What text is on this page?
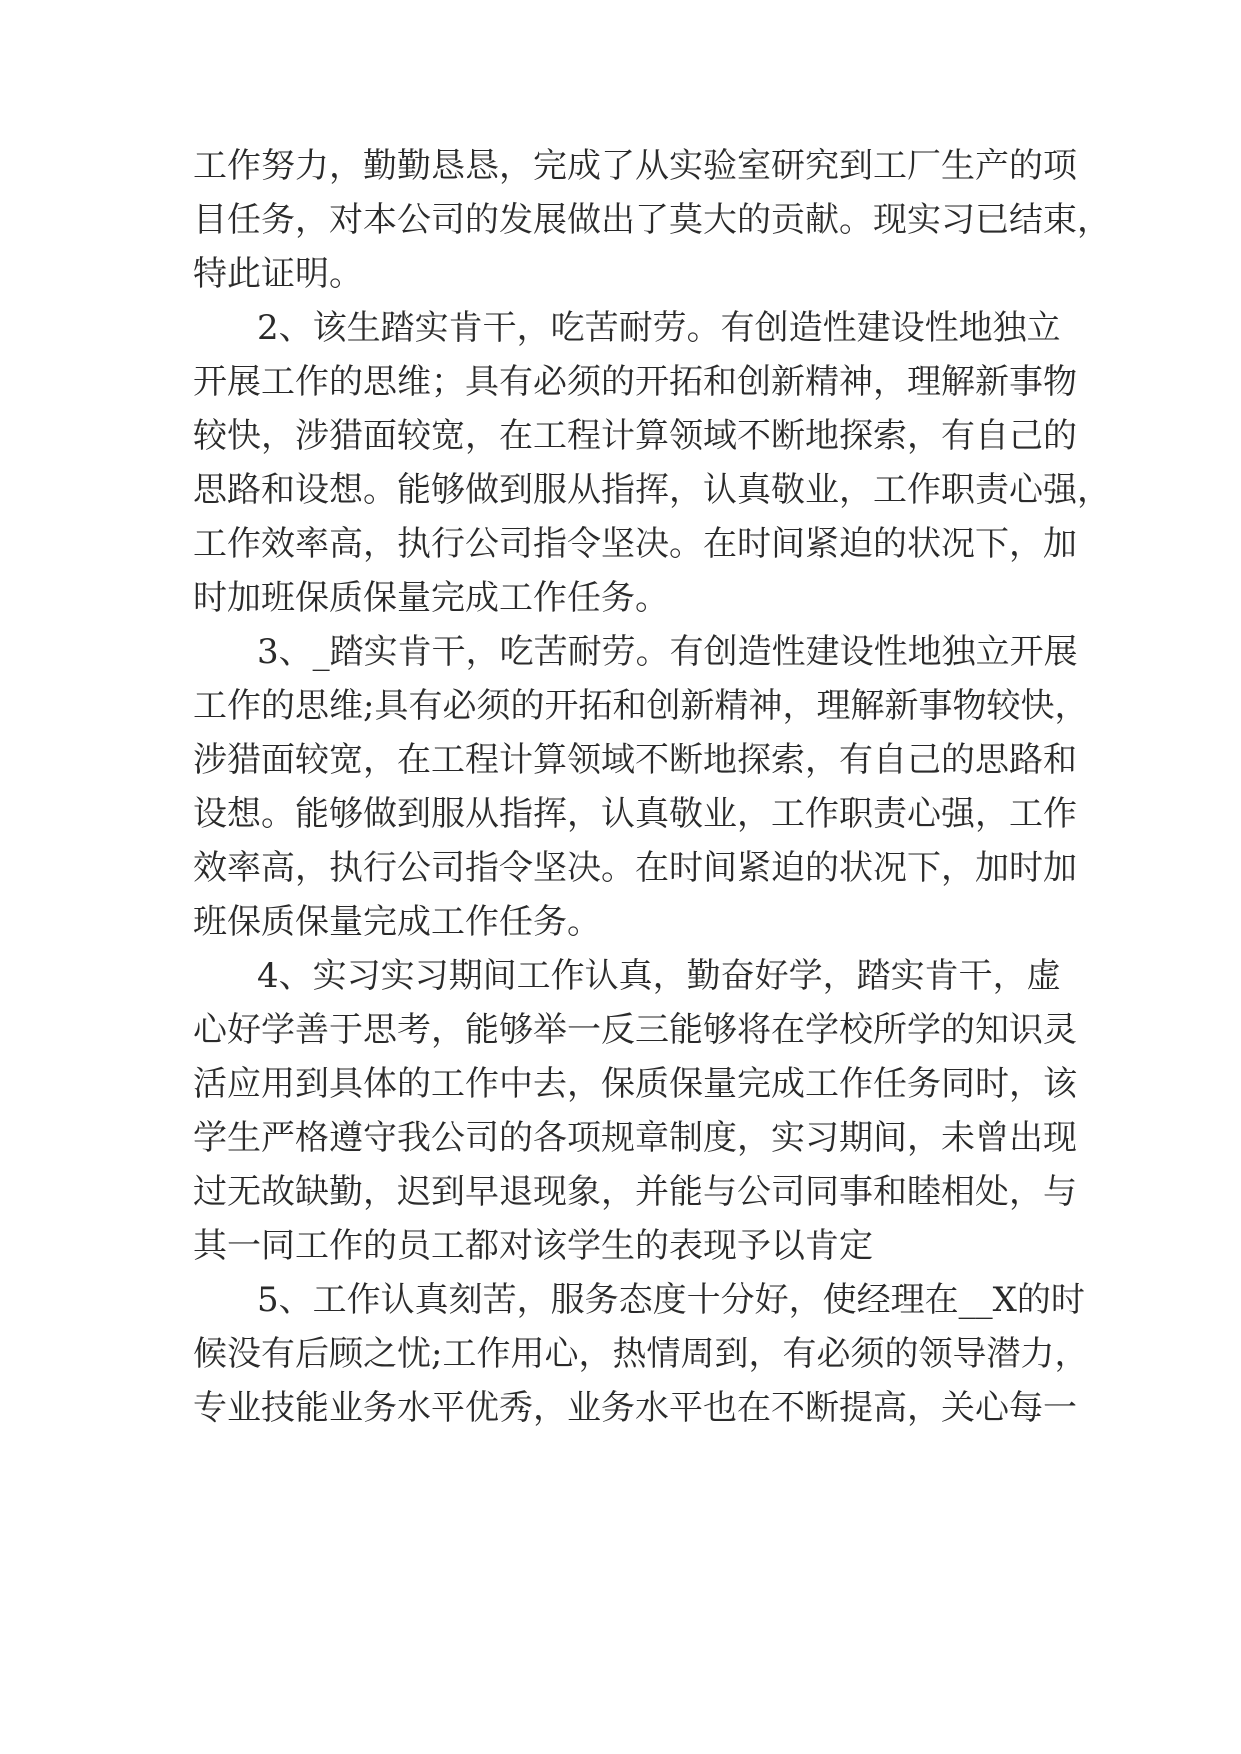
工作努力，勤勤恳恳，完成了从实验室研究到工厂生产的项
目任务，对本公司的发展做出了莫大的贡献。现实习已结束，
特此证明。
2、该生踏实肯干，吃苦耐劳。有创造性建设性地独立
开展工作的思维；具有必须的开拓和创新精神，理解新事物
较快，涉猎面较宽，在工程计算领域不断地探索，有自己的
思路和设想。能够做到服从指挥，认真敬业，工作职责心强，
工作效率高，执行公司指令坚决。在时间紧迫的状况下，加
时加班保质保量完成工作任务。
3、_踏实肯干，吃苦耐劳。有创造性建设性地独立开展
工作的思维;具有必须的开拓和创新精神，理解新事物较快，
涉猎面较宽，在工程计算领域不断地探索，有自己的思路和
设想。能够做到服从指挥，认真敬业，工作职责心强，工作
效率高，执行公司指令坚决。在时间紧迫的状况下，加时加
班保质保量完成工作任务。
4、实习实习期间工作认真，勤奋好学，踏实肯干，虚
心好学善于思考，能够举一反三能够将在学校所学的知识灵
活应用到具体的工作中去，保质保量完成工作任务同时，该
学生严格遵守我公司的各项规章制度，实习期间，未曾出现
过无故缺勤，迟到早退现象，并能与公司同事和睦相处，与
其一同工作的员工都对该学生的表现予以肯定
5、工作认真刻苦，服务态度十分好，使经理在__X的时
候没有后顾之忧;工作用心，热情周到，有必须的领导潜力，
专业技能业务水平优秀，业务水平也在不断提高，关心每一
